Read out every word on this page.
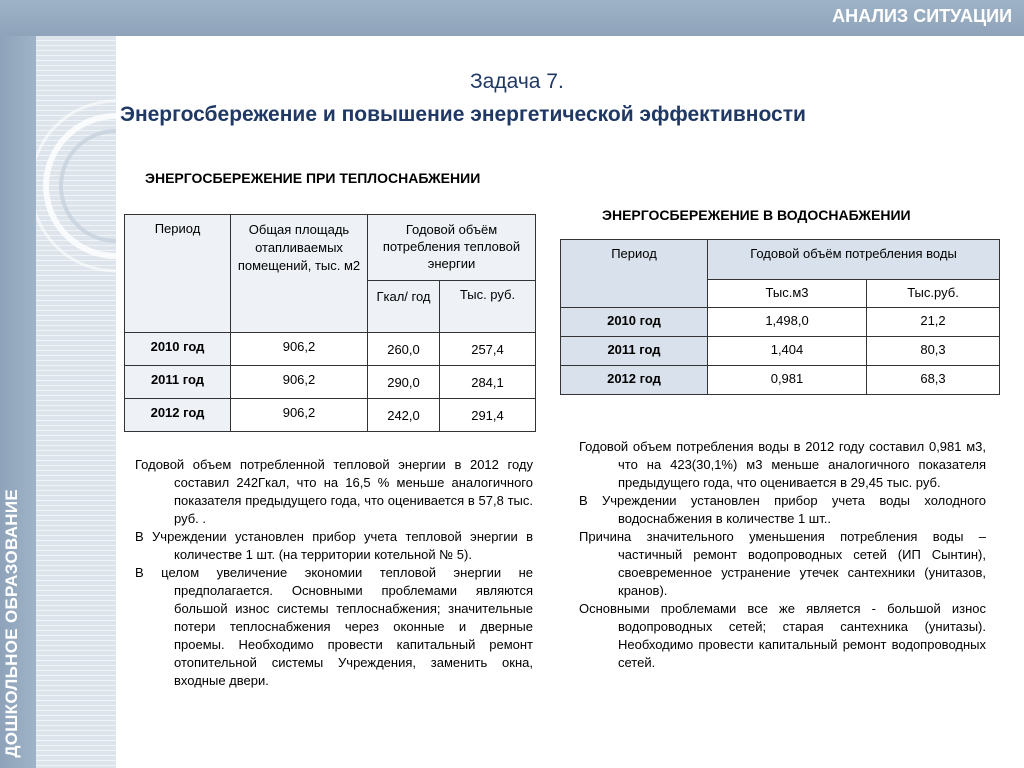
АНАЛИЗ СИТУАЦИИ
ДОШКОЛЬНОЕ ОБРАЗОВАНИЕ
Задача 7.
Энергосбережение и повышение энергетической эффективности
ЭНЕРГОСБЕРЕЖЕНИЕ ПРИ ТЕПЛОСНАБЖЕНИИ
ЭНЕРГОСБЕРЕЖЕНИЕ В ВОДОСНАБЖЕНИИ
Период	Общая площадь отапливаемых помещений, тыс. м2	Годовой объём потребления тепловой энергии	
		Гкал/ год	Тыс. руб.
2010 год	906,2	260,0	257,4
2011 год	906,2	290,0	284,1
2012 год	906,2	242,0	291,4
Период	Годовой объём потребления воды	
	Тыс.м3	Тыс.руб.
2010 год	1,498,0	21,2
2011 год	1,404	80,3
2012 год	0,981	68,3

Годовой объем потребленной тепловой энергии в 2012 году составил 242Гкал, что на 16,5 % меньше аналогичного показателя предыдущего года, что оценивается в 57,8 тыс. руб. .

В Учреждении установлен прибор учета тепловой энергии в количестве 1 шт. (на территории котельной № 5).

В целом увеличение экономии тепловой энергии не предполагается. Основными проблемами являются большой износ системы теплоснабжения; значительные потери теплоснабжения через оконные и дверные проемы. Необходимо провести капитальный ремонт отопительной системы Учреждения, заменить окна, входные двери.

Годовой объем потребления воды в 2012 году составил 0,981 м3, что на 423(30,1%) м3 меньше аналогичного показателя предыдущего года, что оценивается в 29,45 тыс. руб.

В Учреждении установлен прибор учета воды холодного водоснабжения в количестве 1 шт..

Причина значительного уменьшения потребления воды – частичный ремонт водопроводных сетей (ИП Сынтин), своевременное устранение утечек сантехники (унитазов, кранов).

Основными проблемами все же является - большой износ водопроводных сетей; старая сантехника (унитазы). Необходимо провести капитальный ремонт водопроводных сетей.
